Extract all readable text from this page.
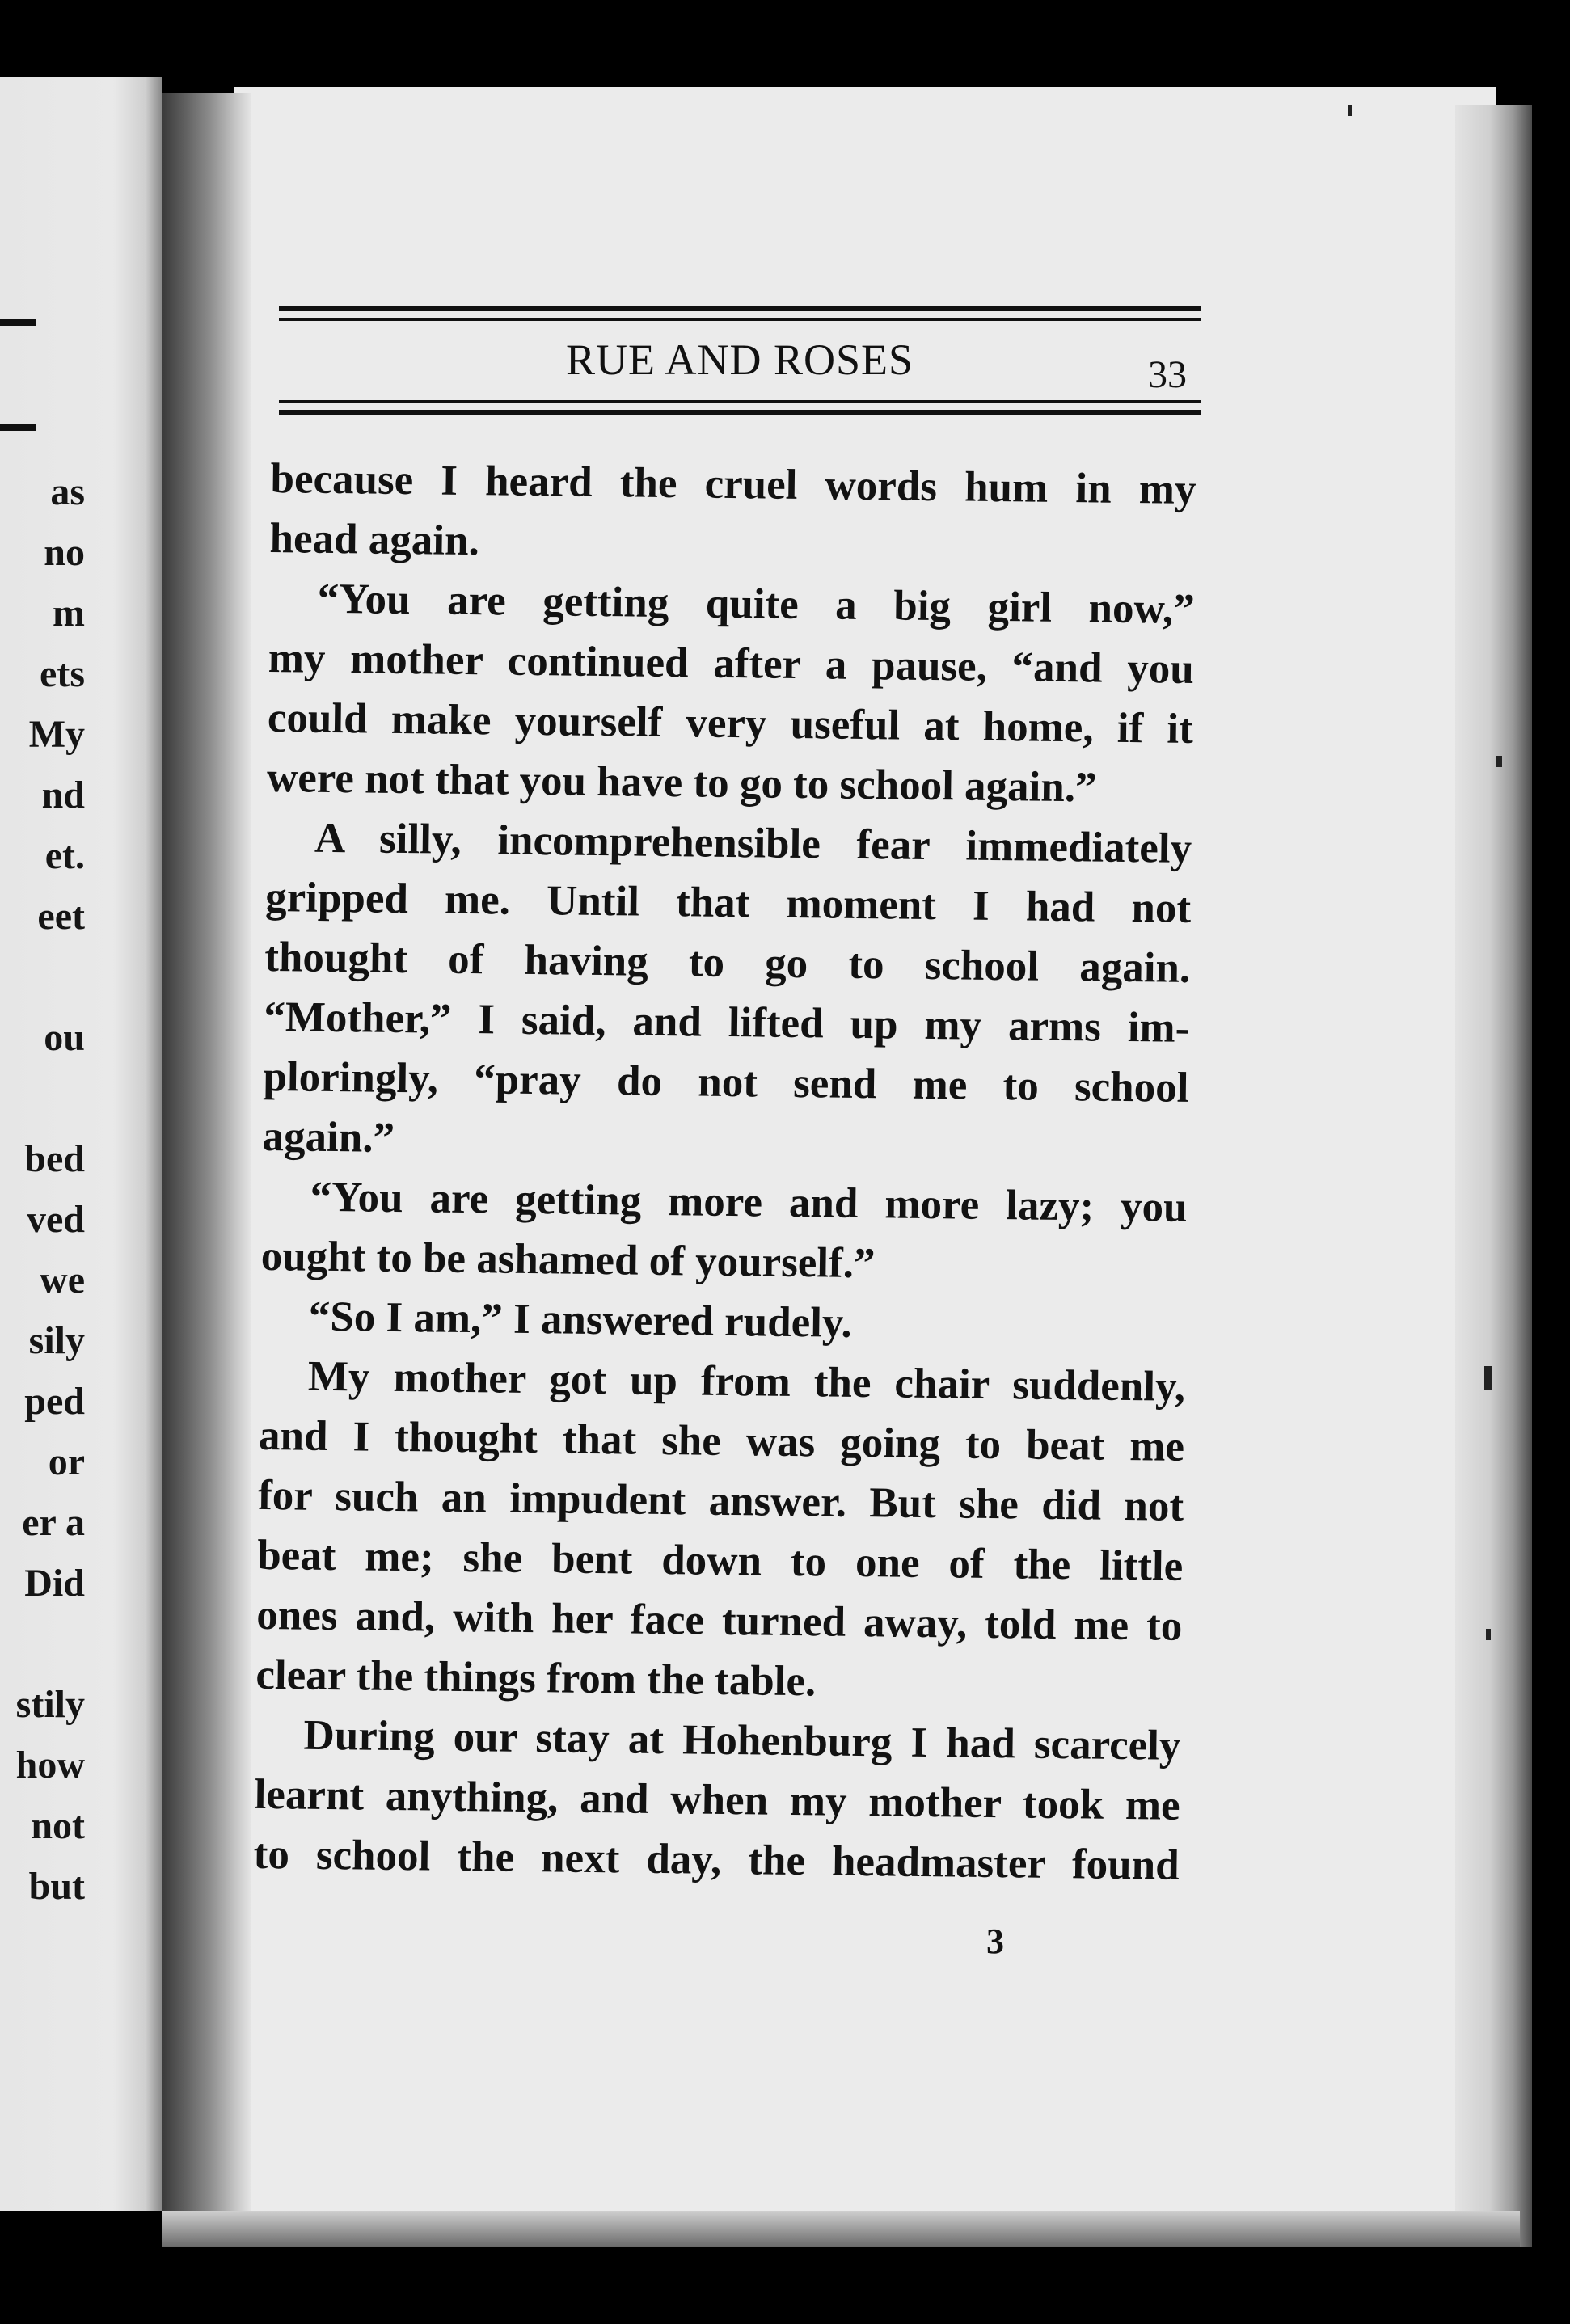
as
no
m
ets
My
nd
et.
eet
ou
bed
ved
we
sily
ped
or
er a
Did
stily
how
not
but
RUE AND ROSES	33
because I heard the cruel words hum in my
head again.
“You are getting quite a big girl now,”
my mother continued after a pause, “and you
could make yourself very useful at home, if it
were not that you have to go to school again.”
A silly, incomprehensible fear immediately
gripped me. Until that moment I had not
thought of having to go to school again.
“Mother,” I said, and lifted up my arms im-
ploringly, “pray do not send me to school
again.”
“You are getting more and more lazy; you
ought to be ashamed of yourself.”
“So I am,” I answered rudely.
My mother got up from the chair suddenly,
and I thought that she was going to beat me
for such an impudent answer. But she did not
beat me; she bent down to one of the little
ones and, with her face turned away, told me to
clear the things from the table.
During our stay at Hohenburg I had scarcely
learnt anything, and when my mother took me
to school the next day, the headmaster found
3
